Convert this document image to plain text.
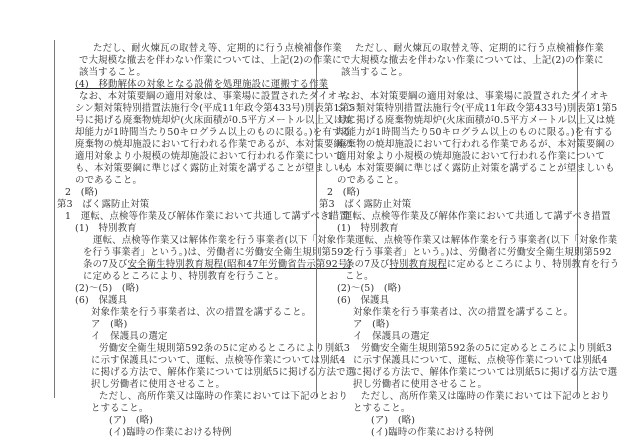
ただし、耐火煉瓦の取替え等、定期的に行う点検補修作業
で大規模な撤去を伴わない作業については、上記(2)の作業に
該当すること。
(4)　移動解体の対象となる設備を処理施設に運搬する作業
なお、本対策要綱の適用対象は、事業場に設置されたダイオキ
シン類対策特別措置法施行令(平成11年政令第433号)別表第1第5
号に掲げる廃棄物焼却炉(火床面積が0.5平方メートル以上又は焼
却能力が1時間当たり50キログラム以上のものに限る。)を有する
廃棄物の焼却施設において行われる作業であるが、本対策要綱の
適用対象より小規模の焼却施設において行われる作業について
も、本対策要綱に準じばく露防止対策を講ずることが望ましいも
のであること。
2　(略)
第3　ばく露防止対策
1　運転、点検等作業及び解体作業において共通して講ずべき措置
(1)　特別教育
運転、点検等作業又は解体作業を行う事業者(以下「対象作業
を行う事業者」という。)は、労働者に労働安全衛生規則第592
条の7及び安全衛生特別教育規程(昭和47年労働省告示第92号)
に定めるところにより、特別教育を行うこと。
(2)～(5)　(略)
(6)　保護具
対象作業を行う事業者は、次の措置を講ずること。
ア　(略)
イ　保護具の選定
労働安全衛生規則第592条の5に定めるところにより別紙3
に示す保護具について、運転、点検等作業については別紙4
に掲げる方法で、解体作業については別紙5に掲げる方法で選
択し労働者に使用させること。
ただし、高所作業又は臨時の作業においては下記のとおり
とすること。
(ア)　(略)
(イ)臨時の作業における特例
ただし、耐火煉瓦の取替え等、定期的に行う点検補修作業
で大規模な撤去を伴わない作業については、上記(2)の作業に
該当すること。
なお、本対策要綱の適用対象は、事業場に設置されたダイオキ
シン類対策特別措置法施行令(平成11年政令第433号)別表第1第5
号に掲げる廃棄物焼却炉(火床面積が0.5平方メートル以上又は焼
却能力が1時間当たり50キログラム以上のものに限る。)を有する
廃棄物の焼却施設において行われる作業であるが、本対策要綱の
適用対象より小規模の焼却施設において行われる作業について
も、本対策要綱に準じばく露防止対策を講ずることが望ましいも
のであること。
2　(略)
第3　ばく露防止対策
1　運転、点検等作業及び解体作業において共通して講ずべき措置
(1)　特別教育
運転、点検等作業又は解体作業を行う事業者(以下「対象作業
を行う事業者」という。)は、労働者に労働安全衛生規則第592
条の7及び特別教育規程に定めるところにより、特別教育を行う
こと。
(2)～(5)　(略)
(6)　保護具
対象作業を行う事業者は、次の措置を講ずること。
ア　(略)
イ　保護具の選定
労働安全衛生規則第592条の5に定めるところにより別紙3
に示す保護具について、運転、点検等作業については別紙4
に掲げる方法で、解体作業については別紙5に掲げる方法で選
択し労働者に使用させること。
ただし、高所作業又は臨時の作業においては下記のとおり
とすること。
(ア)　(略)
(イ)臨時の作業における特例
